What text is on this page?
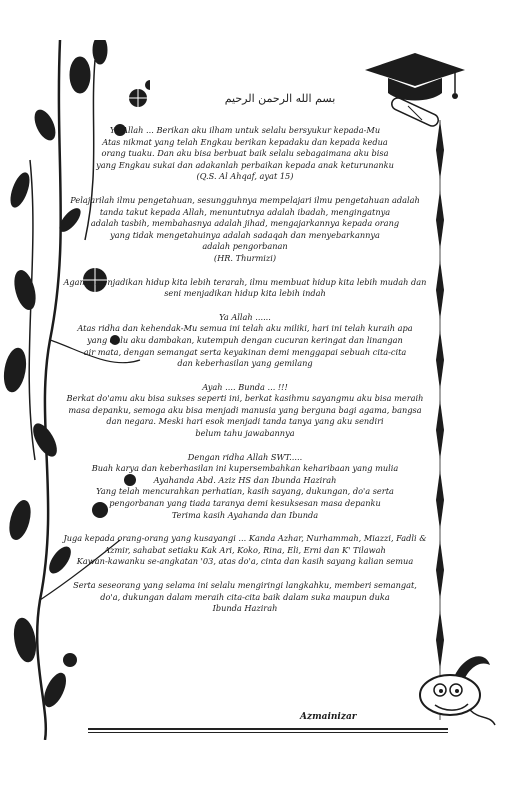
بسم الله الرحمن الرحيم
Ya Allah ... Berikan aku ilham untuk selalu bersyukur kepada-Mu
Atas nikmat yang telah Engkau berikan kepadaku dan kepada kedua
orang tuaku. Dan aku bisa berbuat baik selalu sebagaimana aku bisa
yang Engkau sukai dan adakanlah perbaikan kepada anak keturunanku
(Q.S. Al Ahqaf, ayat 15)
Pelajarilah ilmu pengetahuan, sesungguhnya mempelajari ilmu pengetahuan adalah
tanda takut kepada Allah, menuntutnya adalah ibadah, mengingatnya
adalah tasbih, membahasnya adalah jihad, mengajarkannya kepada orang
yang tidak mengetahuinya adalah sadaqah dan menyebarkannya
adalah pengorbanan
(HR. Thurmizi)
Agama menjadikan hidup kita lebih terarah, ilmu membuat hidup kita lebih mudah dan
seni menjadikan hidup kita lebih indah
Ya Allah ......
Atas ridha dan kehendak-Mu semua ini telah aku miliki, hari ini telah kuraih apa
yang dulu aku dambakan, kutempuh dengan cucuran keringat dan linangan
air mata, dengan semangat serta keyakinan demi menggapai sebuah cita-cita
dan keberhasilan yang gemilang
Ayah .... Bunda ... !!!
Berkat do'amu aku bisa sukses seperti ini, berkat kasihmu sayangmu aku bisa meraih
masa depanku, semoga aku bisa menjadi manusia yang berguna bagi agama, bangsa
dan negara. Meski hari esok menjadi tanda tanya yang aku sendiri
belum tahu jawabannya
Dengan ridha Allah SWT.....
Buah karya dan keberhasilan ini kupersembahkan keharibaan yang mulia
Ayahanda Abd. Aziz HS dan Ibunda Hazirah
Yang telah mencurahkan perhatian, kasih sayang, dukungan, do'a serta
pengorbanan yang tiada taranya demi kesuksesan masa depanku
Terima kasih Ayahanda dan Ibunda
Juga kepada orang-orang yang kusayangi ... Kanda Azhar, Nurhammah, Miazzi, Fadli &
Azmir, sahabat setiaku Kak Ari, Koko, Rina, Eli, Erni dan K' Tilawah
Kawan-kawanku se-angkatan '03, atas do'a, cinta dan kasih sayang kalian semua
Serta seseorang yang selama ini selalu mengiringi langkahku, memberi semangat,
do'a, dukungan dalam meraih cita-cita baik dalam suka maupun duka
Ibunda Hazirah
Azmainizar
